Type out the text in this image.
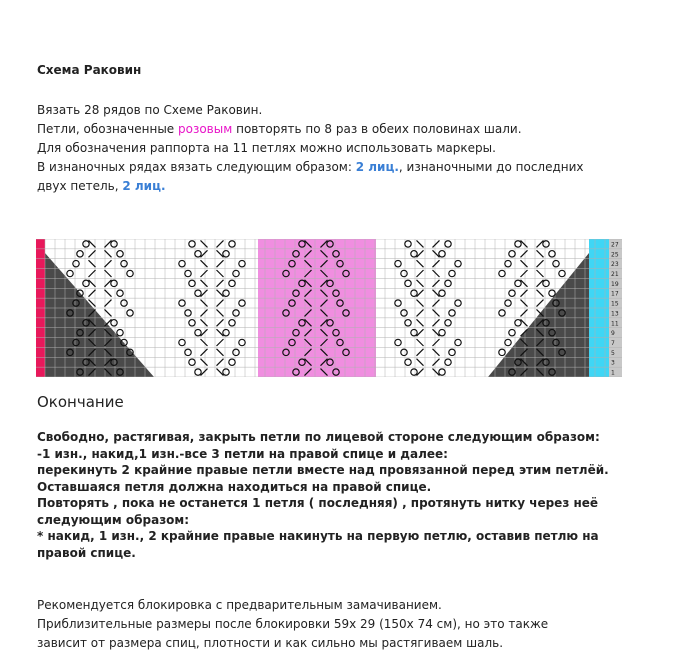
Схема Раковин

Вязать 28 рядов по Схеме Раковин.

Петли, обозначенные розовым повторять по 8 раз в обеих половинах шали.

Для обозначения раппорта на 11 петлях можно использовать маркеры.

В изнаночных рядах вязать следующим образом: 2 лиц., изнаночными до последних

двух петель, 2 лиц.

27
25
23
21
19
17
15
13
11
9
7
5
3
1
Окончание

Свободно, растягивая, закрыть петли по лицевой стороне следующим образом:

-1 изн., накид,1 изн.-все 3 петли на правой спице и далее:

перекинуть 2 крайние правые петли вместе над провязанной перед этим петлёй.

Оставшаяся петля должна находиться на правой спице.

Повторять , пока не останется 1 петля ( последняя) , протянуть нитку через неё

следующим образом:

* накид, 1 изн., 2 крайние правые накинуть на первую петлю, оставив петлю на

правой спице.

Рекомендуется блокировка с предварительным замачиванием.

Приблизительные размеры после блокировки 59х 29 (150х 74 см), но это также

зависит от размера спиц, плотности и как сильно мы растягиваем шаль.
